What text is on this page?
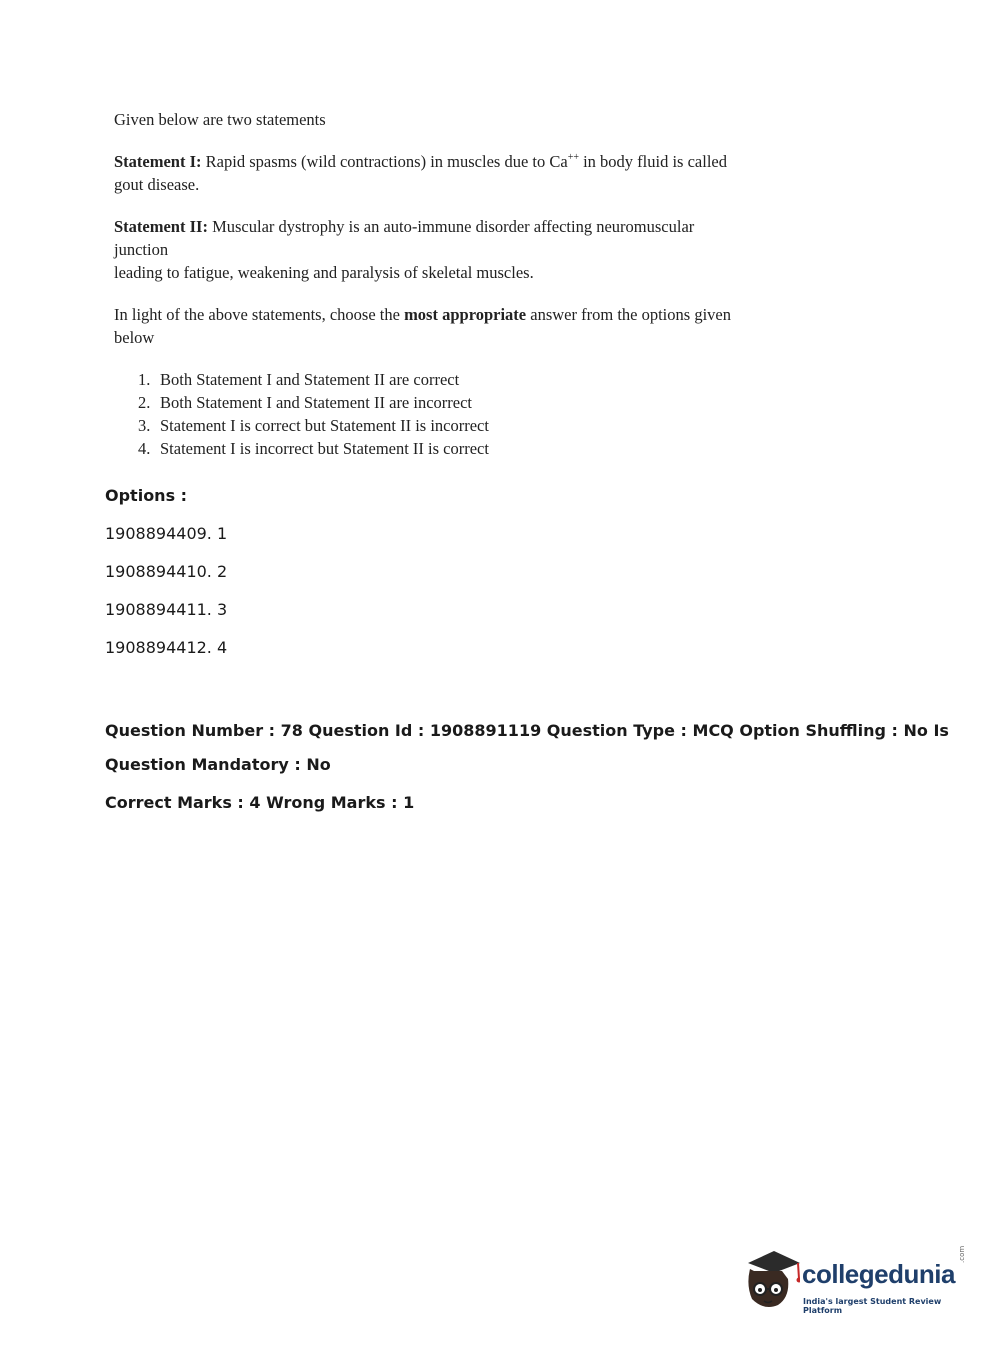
Given below are two statements

Statement I: Rapid spasms (wild contractions) in muscles due to Ca++ in body fluid is called

gout disease.

Statement II: Muscular dystrophy is an auto-immune disorder affecting neuromuscular junction

leading to fatigue, weakening and paralysis of skeletal muscles.

In light of the above statements, choose the most appropriate answer from the options given

below

1. Both Statement I and Statement II are correct
2. Both Statement I and Statement II are incorrect
3. Statement I is correct but Statement II is incorrect
4. Statement I is incorrect but Statement II is correct
Options :
1908894409. 1
1908894410. 2
1908894411. 3
1908894412. 4
Question Number : 78 Question Id : 1908891119 Question Type : MCQ Option Shuffling : No Is
Question Mandatory : No
Correct Marks : 4 Wrong Marks : 1
collegedunia
.com
India's largest Student Review Platform
